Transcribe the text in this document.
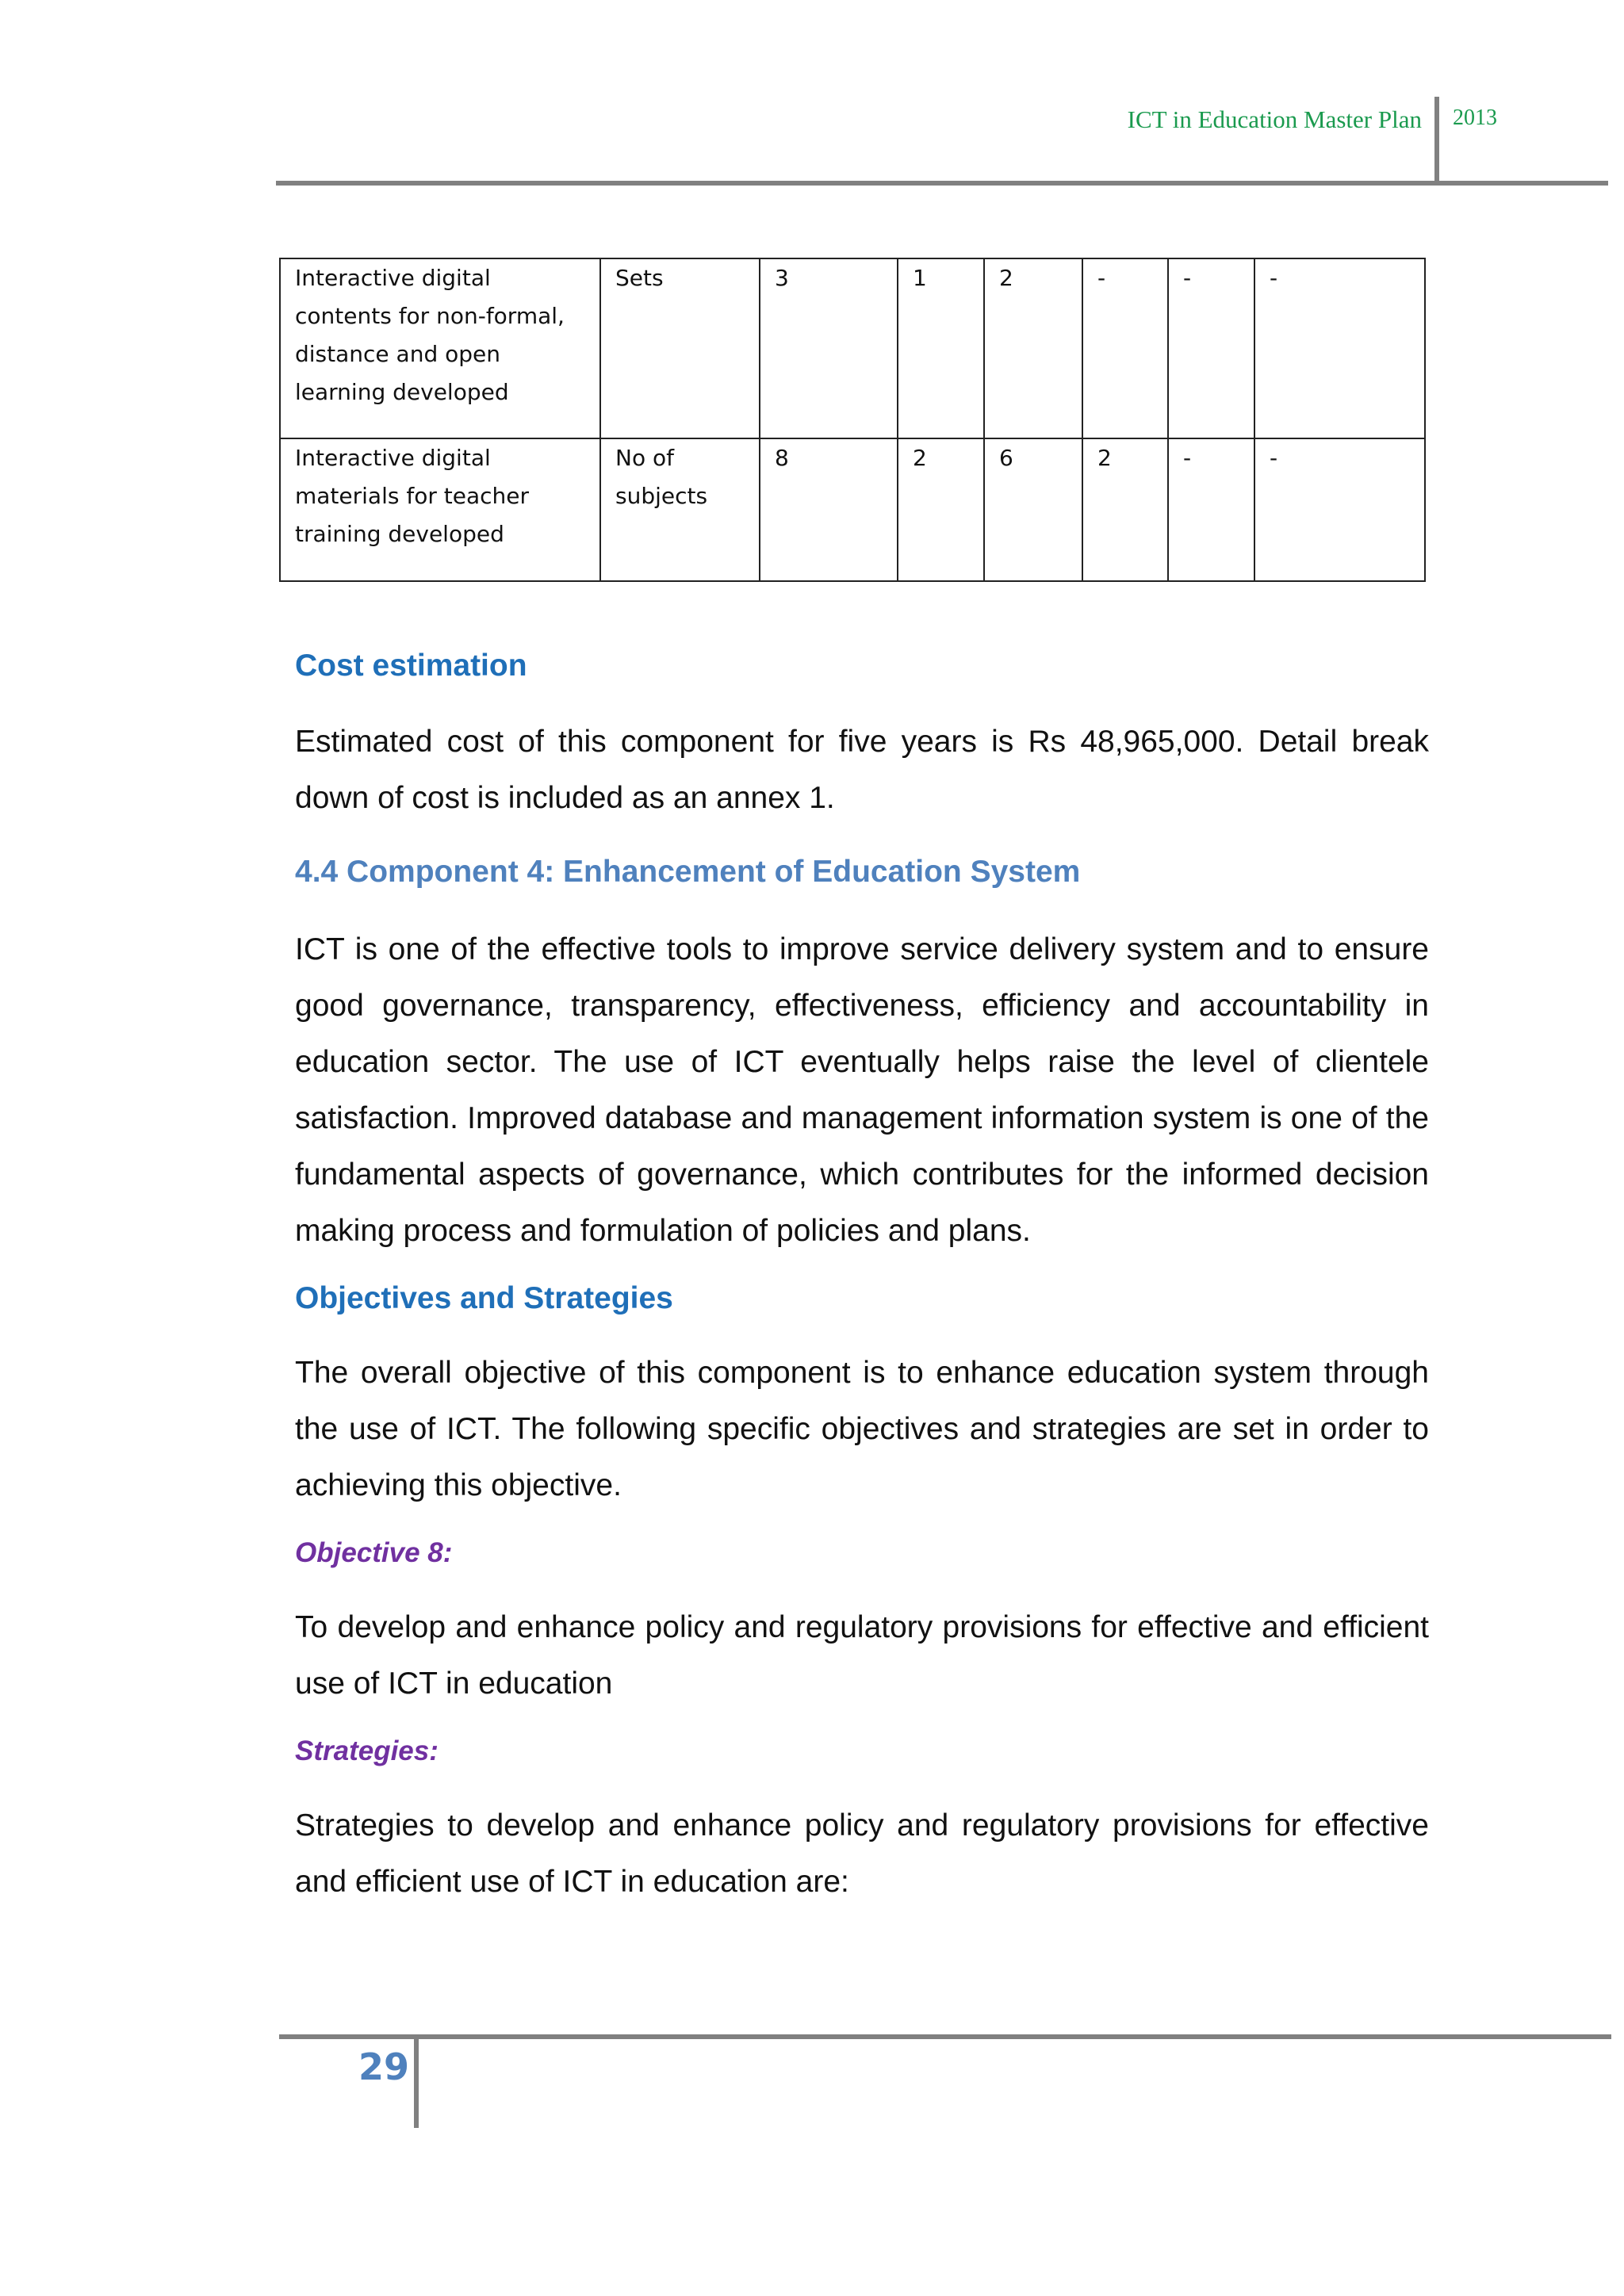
ICT in Education Master Plan 2013
Interactive digital
contents for non-formal,
distance and open
learning developed	Sets	3	1	2	-	-	-

Interactive digital
materials for teacher
training developed	No of
subjects	8	2	6	2	-	-
Cost estimation

Estimated cost of this component for five years is Rs 48,965,000. Detail break down of cost is included as an annex 1.

4.4 Component 4: Enhancement of Education System

ICT is one of the effective tools to improve service delivery system and to ensure good governance, transparency, effectiveness, efficiency and accountability in education sector. The use of ICT eventually helps raise the level of clientele satisfaction. Improved database and management information system is one of the fundamental aspects of governance, which contributes for the informed decision making process and formulation of policies and plans.

Objectives and Strategies

The overall objective of this component is to enhance education system through the use of ICT. The following specific objectives and strategies are set in order to achieving this objective.

Objective 8:

To develop and enhance policy and regulatory provisions for effective and efficient use of ICT in education

Strategies:

Strategies to develop and enhance policy and regulatory provisions for effective and efficient use of ICT in education are:

29
